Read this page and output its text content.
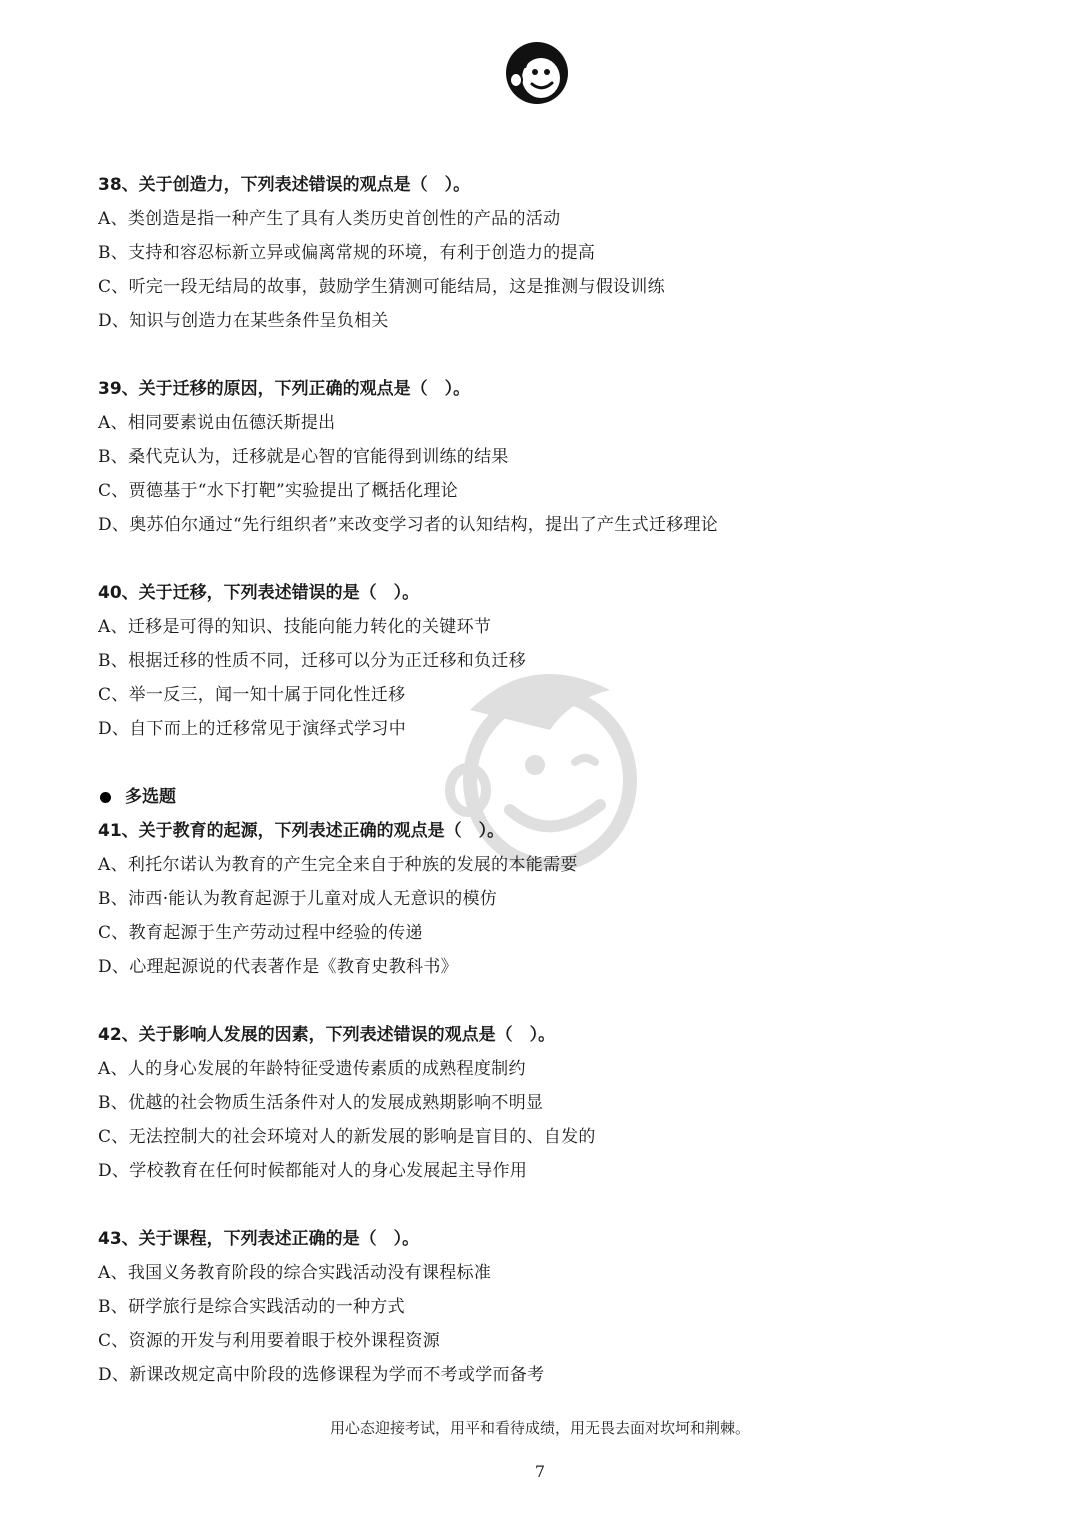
38、关于创造力，下列表述错误的观点是（　）。
A、类创造是指一种产生了具有人类历史首创性的产品的活动
B、支持和容忍标新立异或偏离常规的环境，有利于创造力的提高
C、听完一段无结局的故事，鼓励学生猜测可能结局，这是推测与假设训练
D、知识与创造力在某些条件呈负相关
39、关于迁移的原因，下列正确的观点是（　）。
A、相同要素说由伍德沃斯提出
B、桑代克认为，迁移就是心智的官能得到训练的结果
C、贾德基于“水下打靶”实验提出了概括化理论
D、奥苏伯尔通过“先行组织者”来改变学习者的认知结构，提出了产生式迁移理论
40、关于迁移，下列表述错误的是（　）。
A、迁移是可得的知识、技能向能力转化的关键环节
B、根据迁移的性质不同，迁移可以分为正迁移和负迁移
C、举一反三，闻一知十属于同化性迁移
D、自下而上的迁移常见于演绎式学习中
多选题
41、关于教育的起源，下列表述正确的观点是（　）。
A、利托尔诺认为教育的产生完全来自于种族的发展的本能需要
B、沛西·能认为教育起源于儿童对成人无意识的模仿
C、教育起源于生产劳动过程中经验的传递
D、心理起源说的代表著作是《教育史教科书》
42、关于影响人发展的因素，下列表述错误的观点是（　）。
A、人的身心发展的年龄特征受遗传素质的成熟程度制约
B、优越的社会物质生活条件对人的发展成熟期影响不明显
C、无法控制大的社会环境对人的新发展的影响是盲目的、自发的
D、学校教育在任何时候都能对人的身心发展起主导作用
43、关于课程，下列表述正确的是（　）。
A、我国义务教育阶段的综合实践活动没有课程标准
B、研学旅行是综合实践活动的一种方式
C、资源的开发与利用要着眼于校外课程资源
D、新课改规定高中阶段的选修课程为学而不考或学而备考
用心态迎接考试，用平和看待成绩，用无畏去面对坎坷和荆棘。
7
